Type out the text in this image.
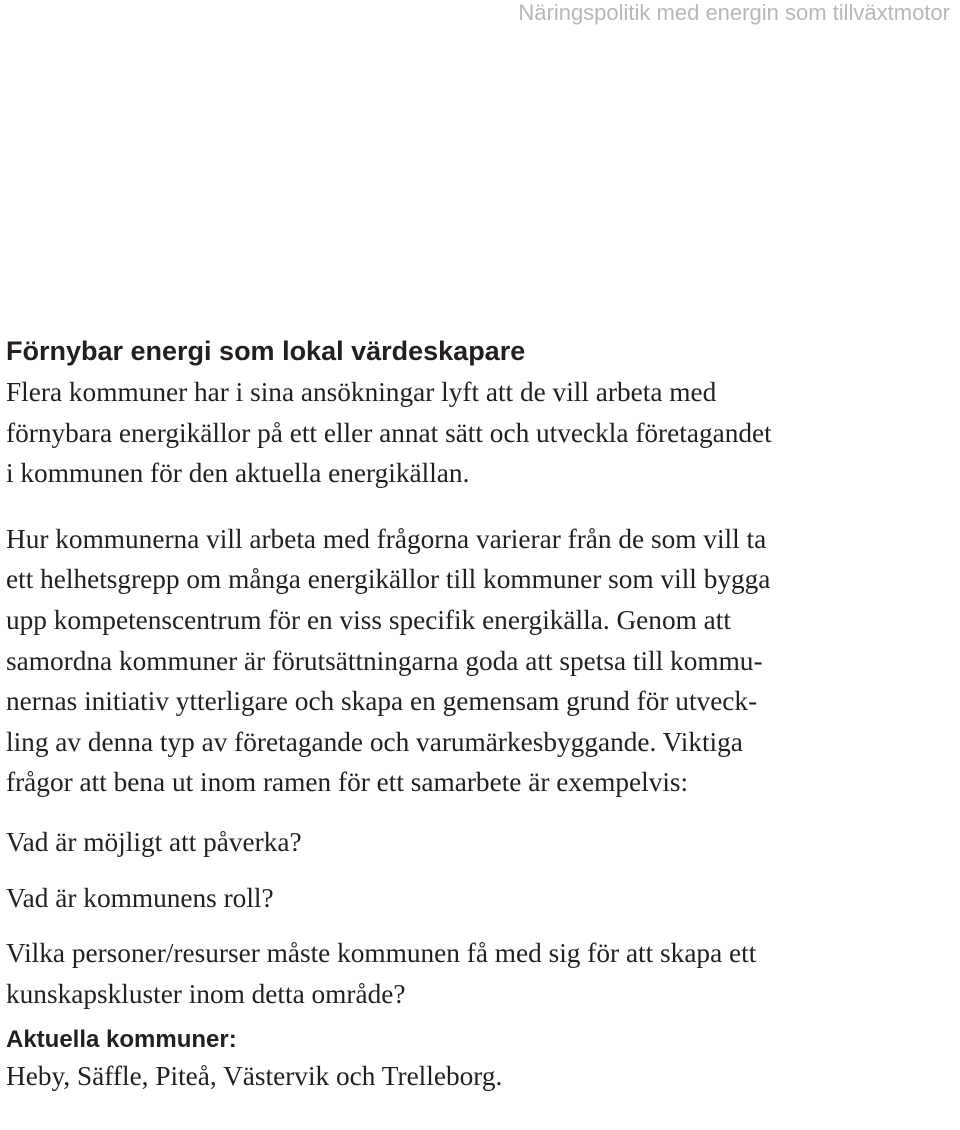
Näringspolitik med energin som tillväxtmotor
Förnybar energi som lokal värdeskapare

Flera kommuner har i sina ansökningar lyft att de vill arbeta med
förnybara energikällor på ett eller annat sätt och utveckla företagandet
i kommunen för den aktuella energikällan.

Hur kommunerna vill arbeta med frågorna varierar från de som vill ta
ett helhetsgrepp om många energikällor till kommuner som vill bygga
upp kompetenscentrum för en viss specifik energikälla. Genom att
samordna kommuner är förutsättningarna goda att spetsa till kommu-
nernas initiativ ytterligare och skapa en gemensam grund för utveck-
ling av denna typ av företagande och varumärkesbyggande. Viktiga
frågor att bena ut inom ramen för ett samarbete är exempelvis:

Vad är möjligt att påverka?

Vad är kommunens roll?

Vilka personer/resurser måste kommunen få med sig för att skapa ett
kunskapskluster inom detta område?

Aktuella kommuner:

Heby, Säffle, Piteå, Västervik och Trelleborg.
